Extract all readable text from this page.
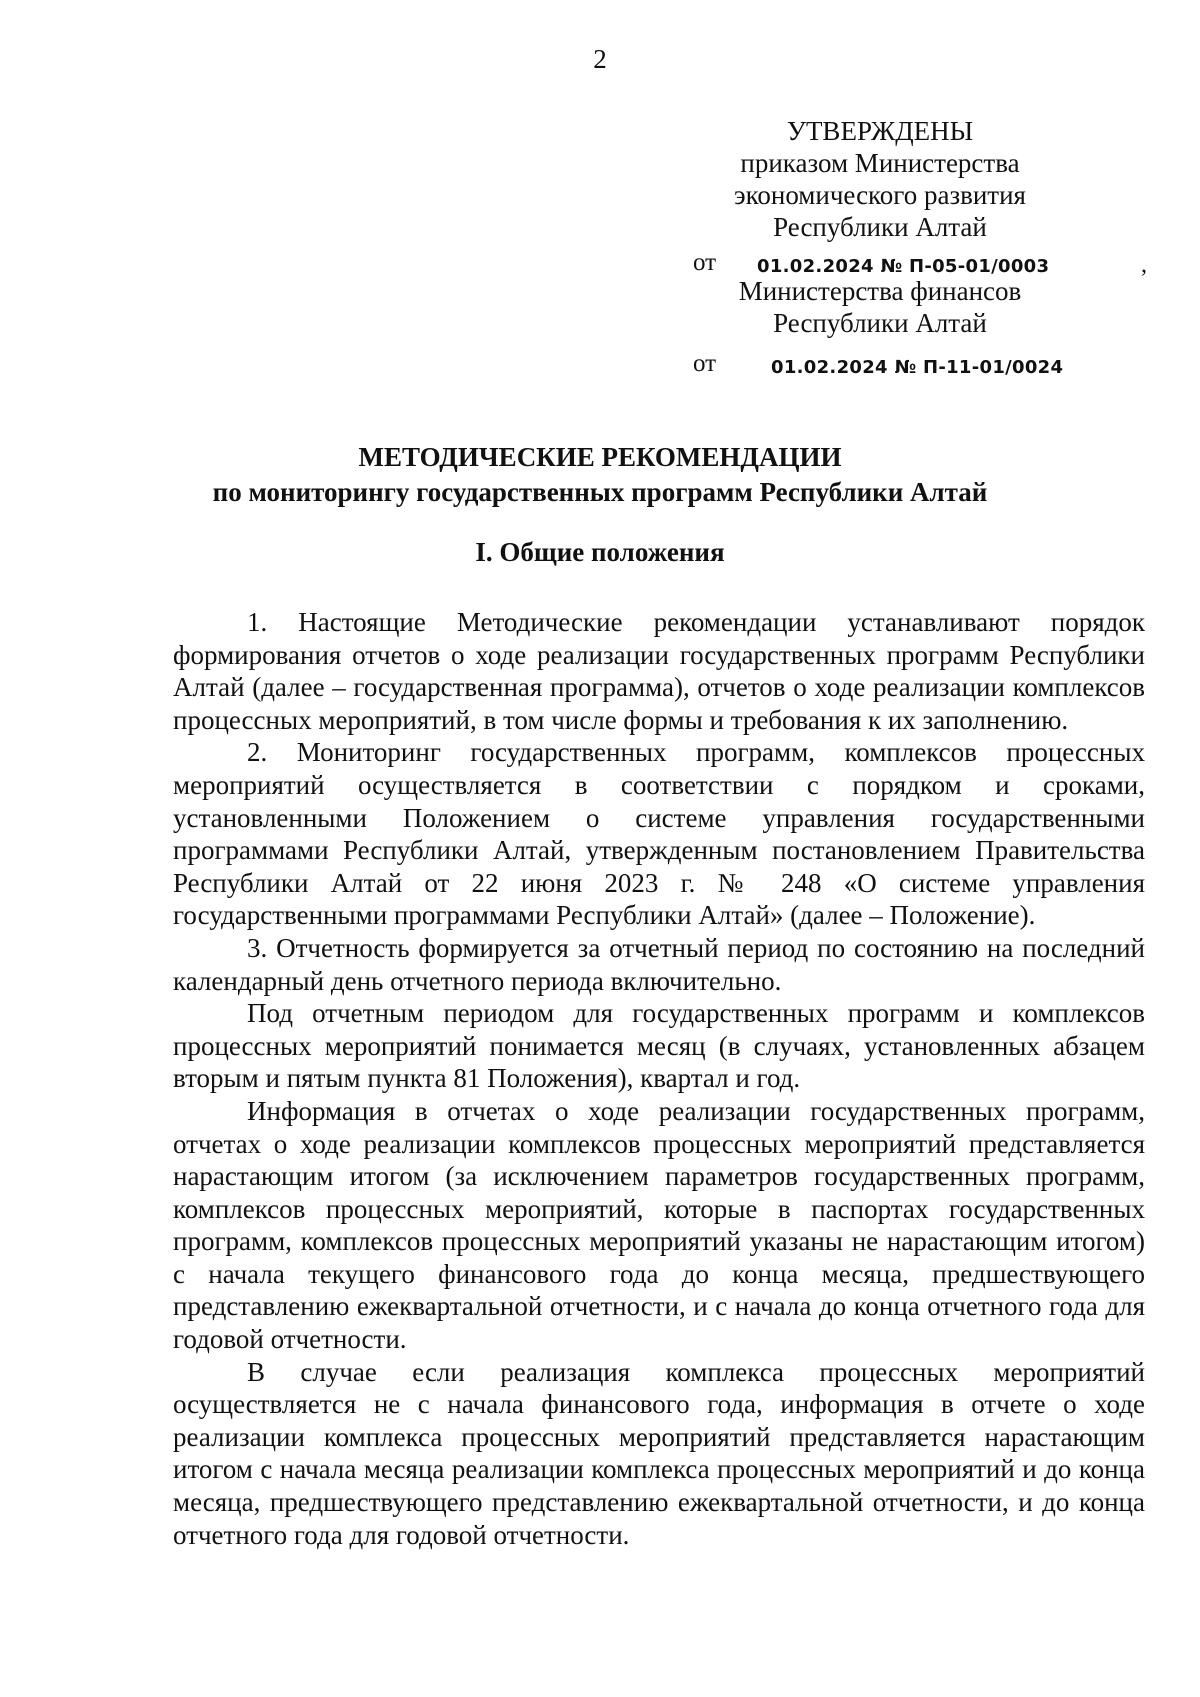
2
УТВЕРЖДЕНЫ
приказом Министерства
экономического развития
Республики Алтай
Министерства финансов
Республики Алтай
от 01.02.2024 № П-05-01/0003	,
от	01.02.2024 № П-11-01/0024
МЕТОДИЧЕСКИЕ РЕКОМЕНДАЦИИ
по мониторингу государственных программ Республики Алтай
I. Общие положения

1. Настоящие Методические рекомендации устанавливают порядок формирования отчетов о ходе реализации государственных программ Республики Алтай (далее – государственная программа), отчетов о ходе реализации комплексов процессных мероприятий, в том числе формы и требования к их заполнению.

2. Мониторинг государственных программ, комплексов процессных мероприятий осуществляется в соответствии с порядком и сроками, установленными Положением о системе управления государственными программами Республики Алтай, утвержденным постановлением Правительства Республики Алтай от 22 июня 2023 г. № 248 «О системе управления государственными программами Республики Алтай» (далее – Положение).

3. Отчетность формируется за отчетный период по состоянию на последний календарный день отчетного периода включительно.

Под отчетным периодом для государственных программ и комплексов процессных мероприятий понимается месяц (в случаях, установленных абзацем вторым и пятым пункта 81 Положения), квартал и год.

Информация в отчетах о ходе реализации государственных программ, отчетах о ходе реализации комплексов процессных мероприятий представляется нарастающим итогом (за исключением параметров государственных программ, комплексов процессных мероприятий, которые в паспортах государственных программ, комплексов процессных мероприятий указаны не нарастающим итогом) с начала текущего финансового года до конца месяца, предшествующего представлению ежеквартальной отчетности, и с начала до конца отчетного года для годовой отчетности.

В случае если реализация комплекса процессных мероприятий осуществляется не с начала финансового года, информация в отчете о ходе реализации комплекса процессных мероприятий представляется нарастающим итогом с начала месяца реализации комплекса процессных мероприятий и до конца месяца, предшествующего представлению ежеквартальной отчетности, и до конца отчетного года для годовой отчетности.
